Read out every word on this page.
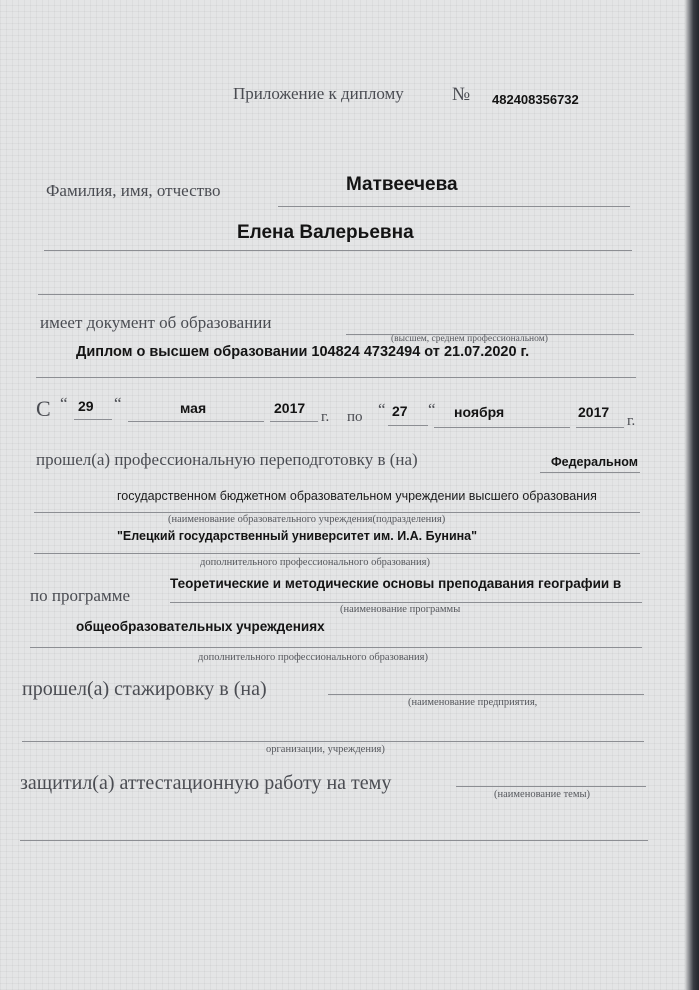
Приложение к диплому	№ 482408356732
Фамилия, имя, отчество	Матвеечева
Елена Валерьевна
имеет документ об образовании
(высшем, среднем профессиональном)
Диплом о высшем образовании 104824 4732494 от 21.07.2020 г.
С “ 29 “	мая	2017
г. по “ 27 “ ноября	2017
г.
прошел(а) профессиональную переподготовку в (на)	Федеральном
государственном бюджетном образовательном учреждении высшего образования
(наименование образовательного учреждения(подразделения)
"Елецкий государственный университет им. И.А. Бунина"
дополнительного профессионального образования)
по программе
Теоретические и методические основы преподавания географии в
(наименование программы
общеобразовательных учреждениях
дополнительного профессионального образования)
прошел(а) стажировку в (на)
(наименование предприятия,
организации, учреждения)
защитил(а) аттестационную работу на тему
(наименование темы)
